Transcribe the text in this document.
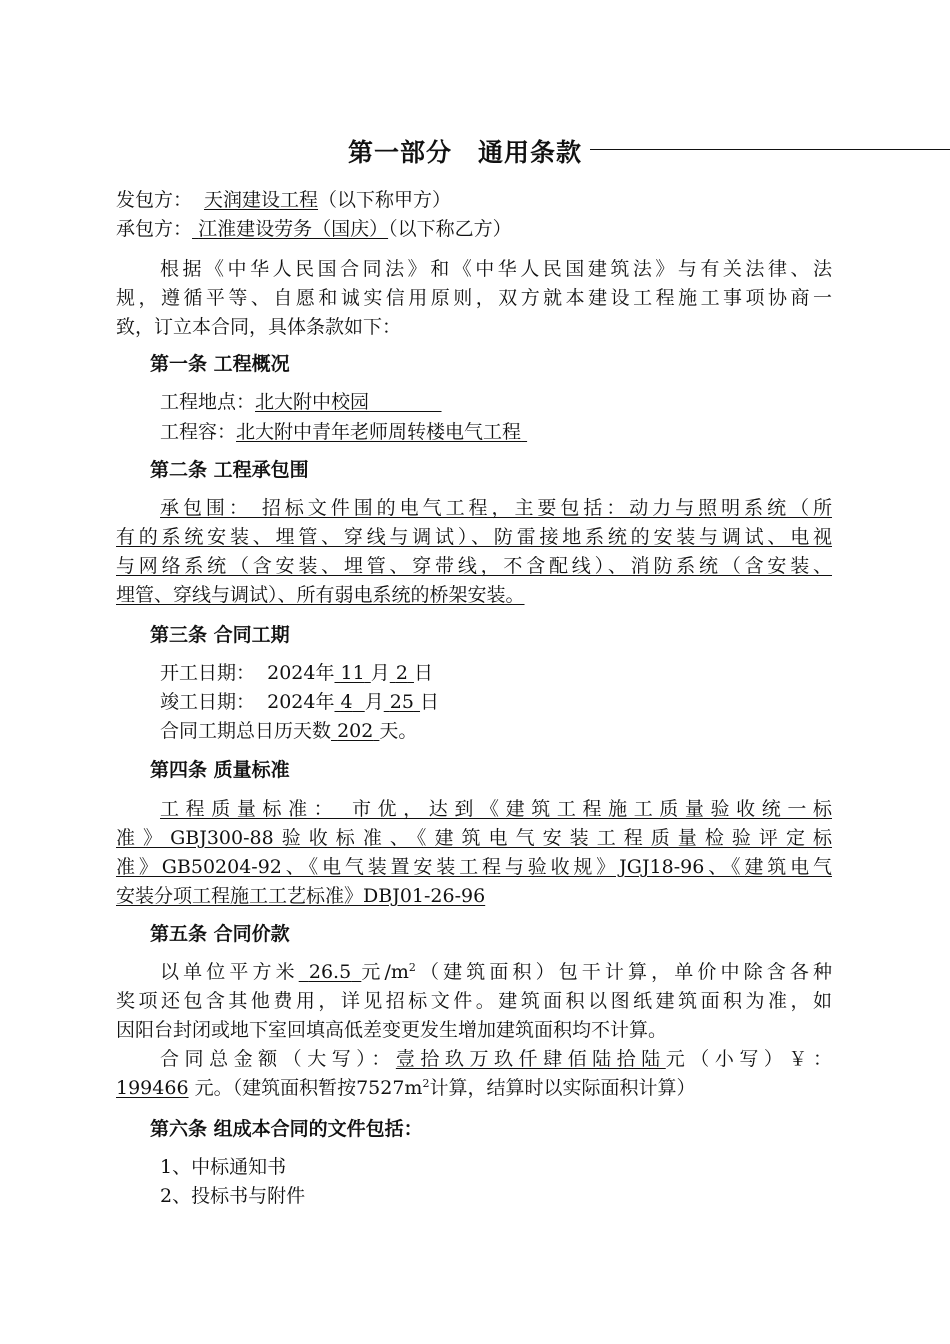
第一部分　通用条款
发包方： 天润建设工程（以下称甲方）
承包方： 江淮建设劳务（国庆）（以下称乙方）
根据《中华人民国合同法》和《中华人民国建筑法》与有关法律、法
规，遵循平等、自愿和诚实信用原则，双方就本建设工程施工事项协商一
致，订立本合同，具体条款如下：
第一条 工程概况
工程地点：北大附中校园
工程容：北大附中青年老师周转楼电气工程
第二条 工程承包围
承包围： 招标文件围的电气工程，主要包括：动力与照明系统（所
有的系统安装、埋管、穿线与调试）、防雷接地系统的安装与调试、电视
与网络系统（含安装、埋管、穿带线，不含配线）、消防系统（含安装、
埋管、穿线与调试）、所有弱电系统的桥架安装。
第三条 合同工期
开工日期： 2024年 11 月 2 日
竣工日期： 2024年 4 月 25 日
合同工期总日历天数 202 天。
第四条 质量标准
工程质量标准： 市优，达到《建筑工程施工质量验收统一标
准》GBJ300-88验收标准、《建筑电气安装工程质量检验评定标
准》GB50204-92、《电气装置安装工程与验收规》JGJ18-96、《建筑电气
安装分项工程施工工艺标准》DBJ01-26-96
第五条 合同价款
以单位平方米 26.5 元$/m^2$（建筑面积）包干计算，单价中除含各种
奖项还包含其他费用，详见招标文件。建筑面积以图纸建筑面积为准，如
因阳台封闭或地下室回填高低差变更发生增加建筑面积均不计算。
合同总金额（大写）：壹拾玖万玖仟肆佰陆拾陆元（小写）￥：
199466 元。（建筑面积暂按$7527m^2$计算，结算时以实际面积计算）
第六条 组成本合同的文件包括：
1、中标通知书
2、投标书与附件
